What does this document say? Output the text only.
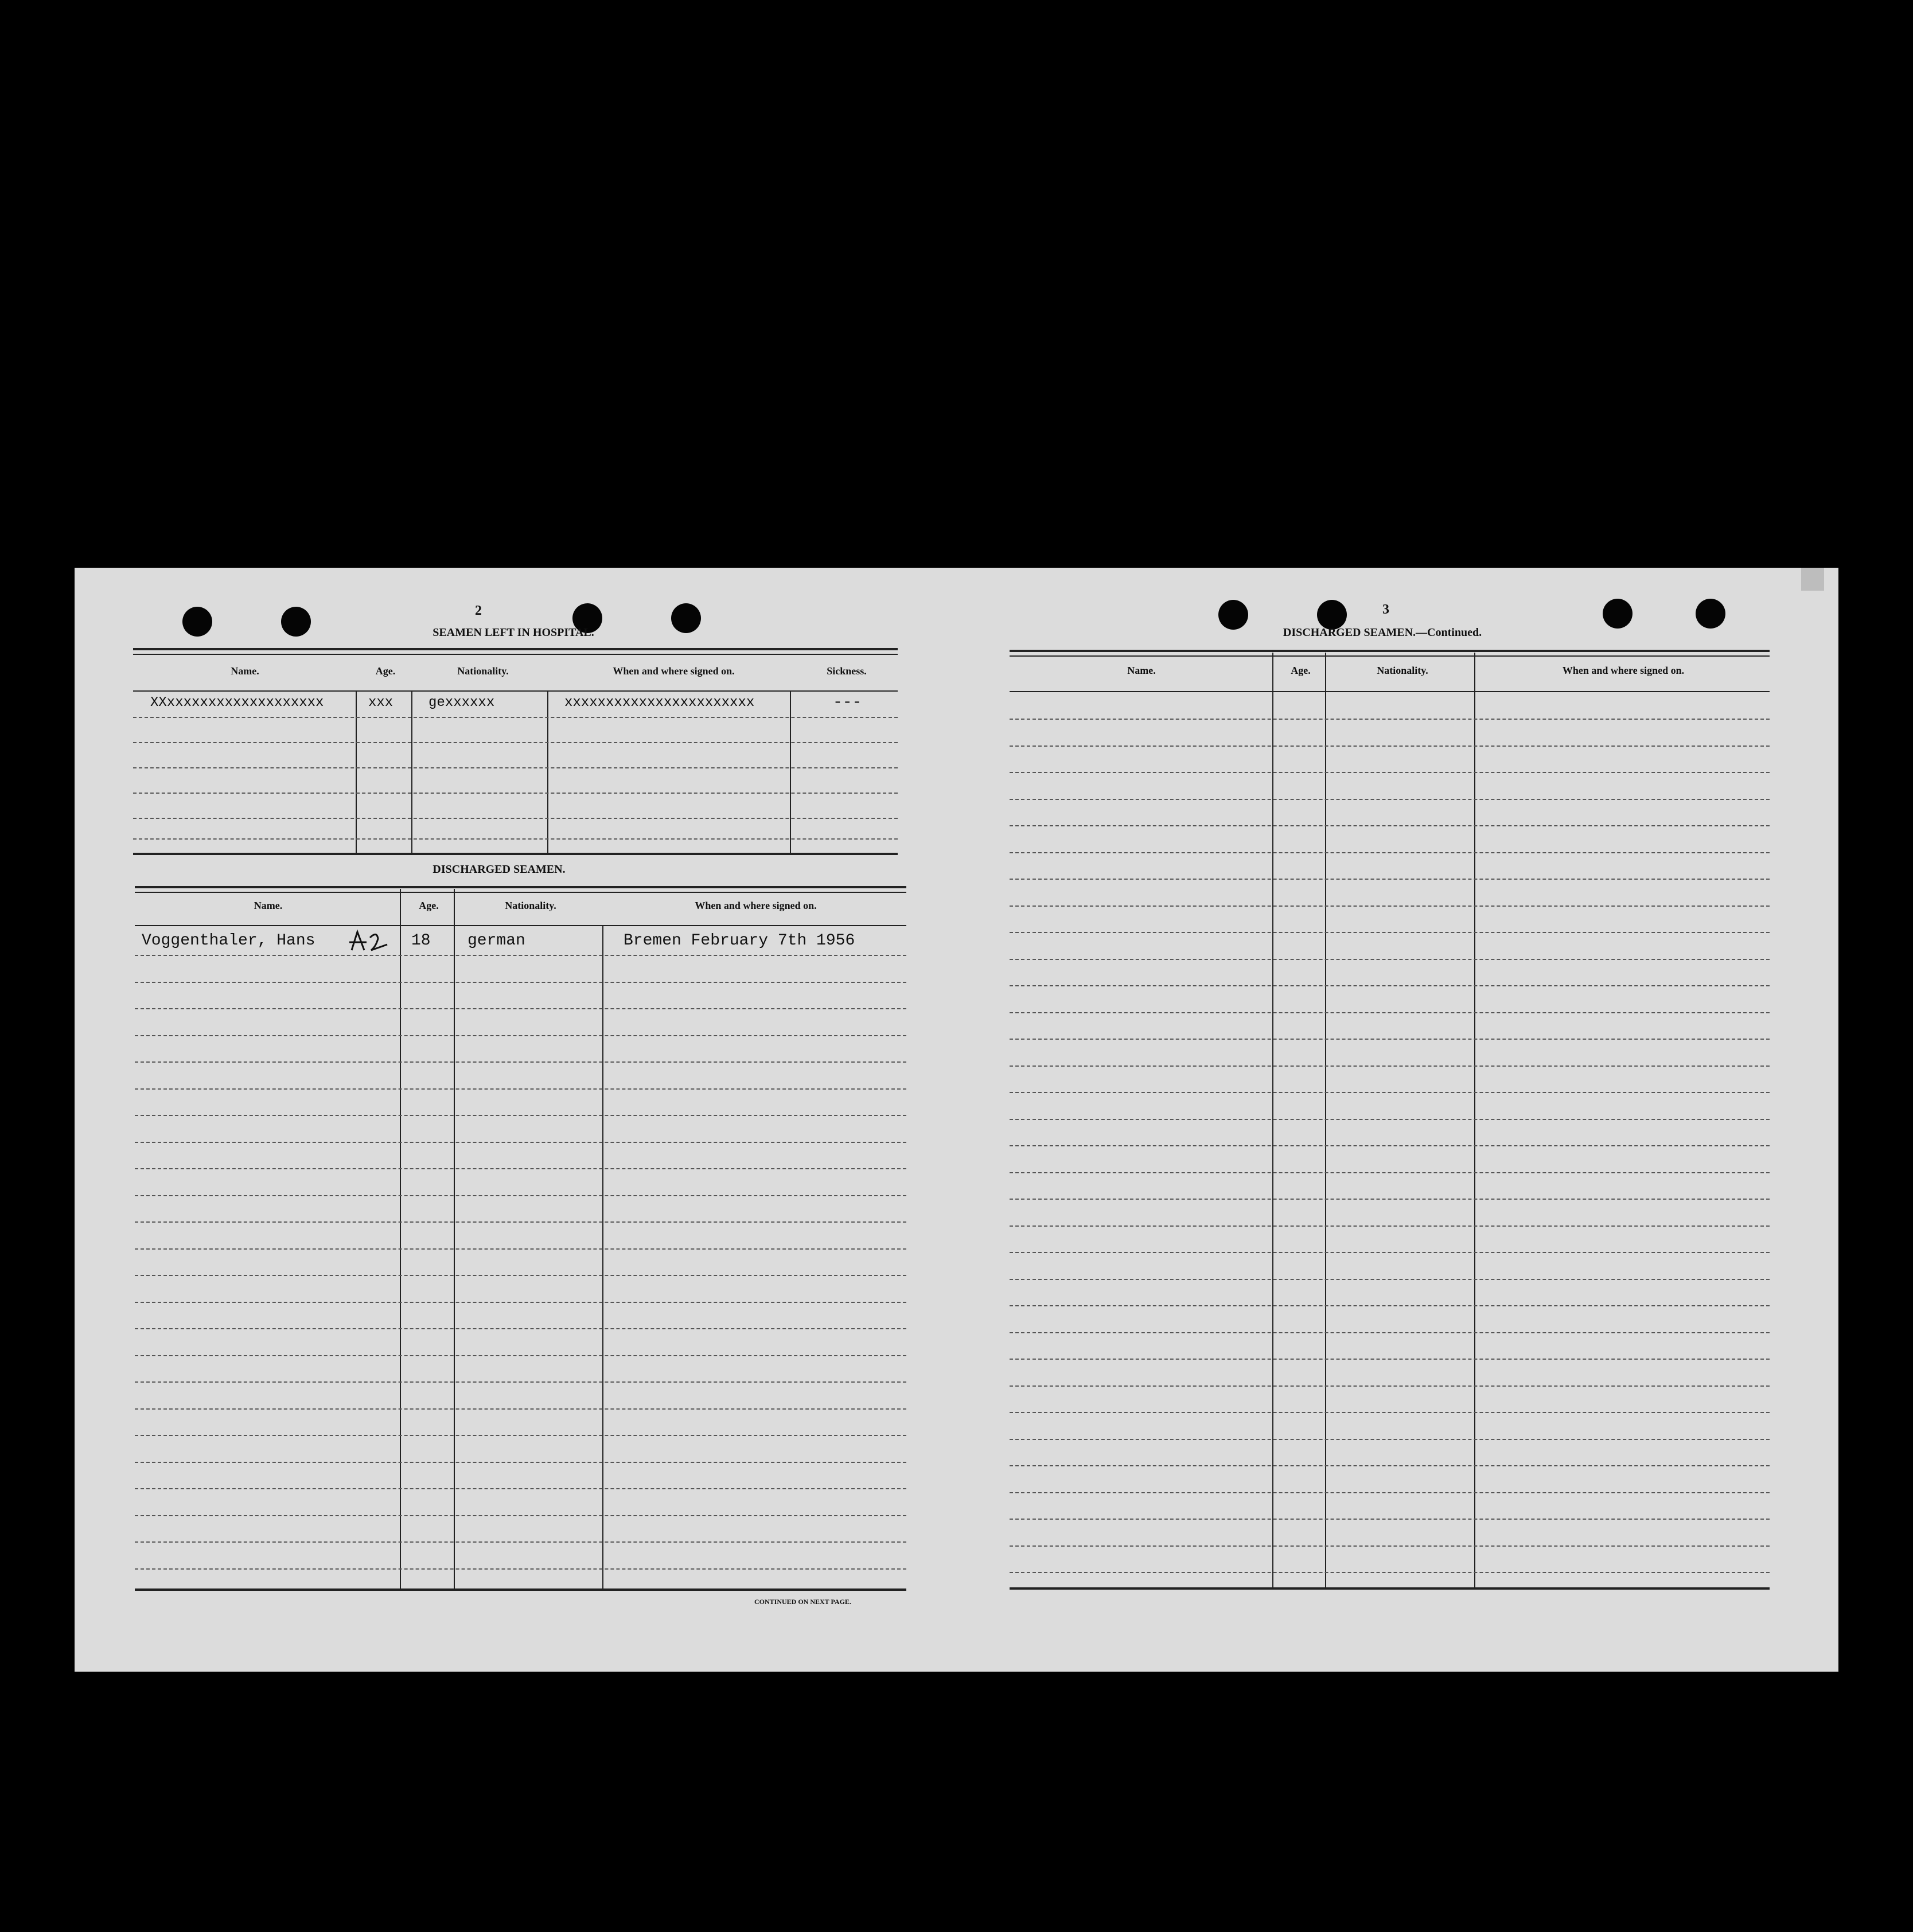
2
SEAMEN LEFT IN HOSPITAL.
Name.	Age.	Nationality.	When and where signed on.	Sickness.
XXxxxxxxxxxxxxxxxxxxx	xxx	gexxxxxx	xxxxxxxxxxxxxxxxxxxxxxx	---
DISCHARGED SEAMEN.
Name.	Age.	Nationality.	When and where signed on.
Voggenthaler, Hans	18 german	Bremen February 7th 1956
CONTINUED ON NEXT PAGE.
3
DISCHARGED SEAMEN.—Continued.
Name.	Age.	Nationality.	When and where signed on.
